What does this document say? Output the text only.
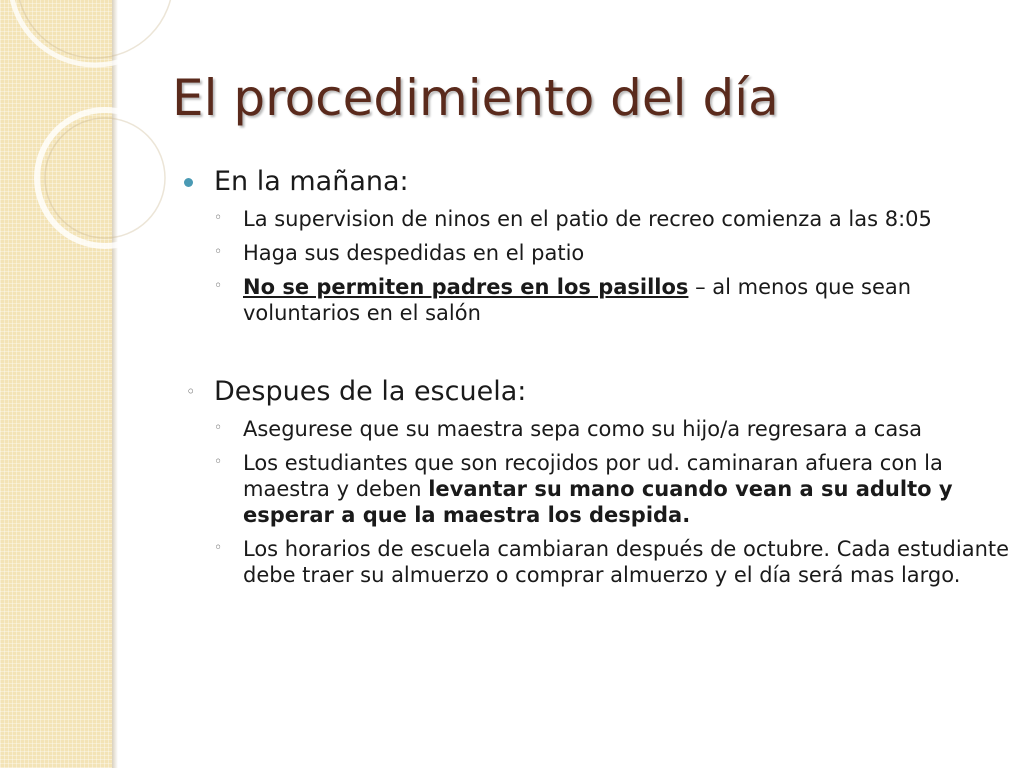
El procedimiento del día
En la mañana:
◦ La supervision de ninos en el patio de recreo comienza a las 8:05
◦ Haga sus despedidas en el patio
◦ No se permiten padres en los pasillos – al menos que sean voluntarios en el salón
◦ Despues de la escuela:
◦ Asegurese que su maestra sepa como su hijo/a regresara a casa
◦ Los estudiantes que son recojidos por ud. caminaran afuera con la maestra y deben levantar su mano cuando vean a su adulto y esperar a que la maestra los despida.
◦ Los horarios de escuela cambiaran después de octubre. Cada estudiante debe traer su almuerzo o comprar almuerzo y el día será mas largo.
